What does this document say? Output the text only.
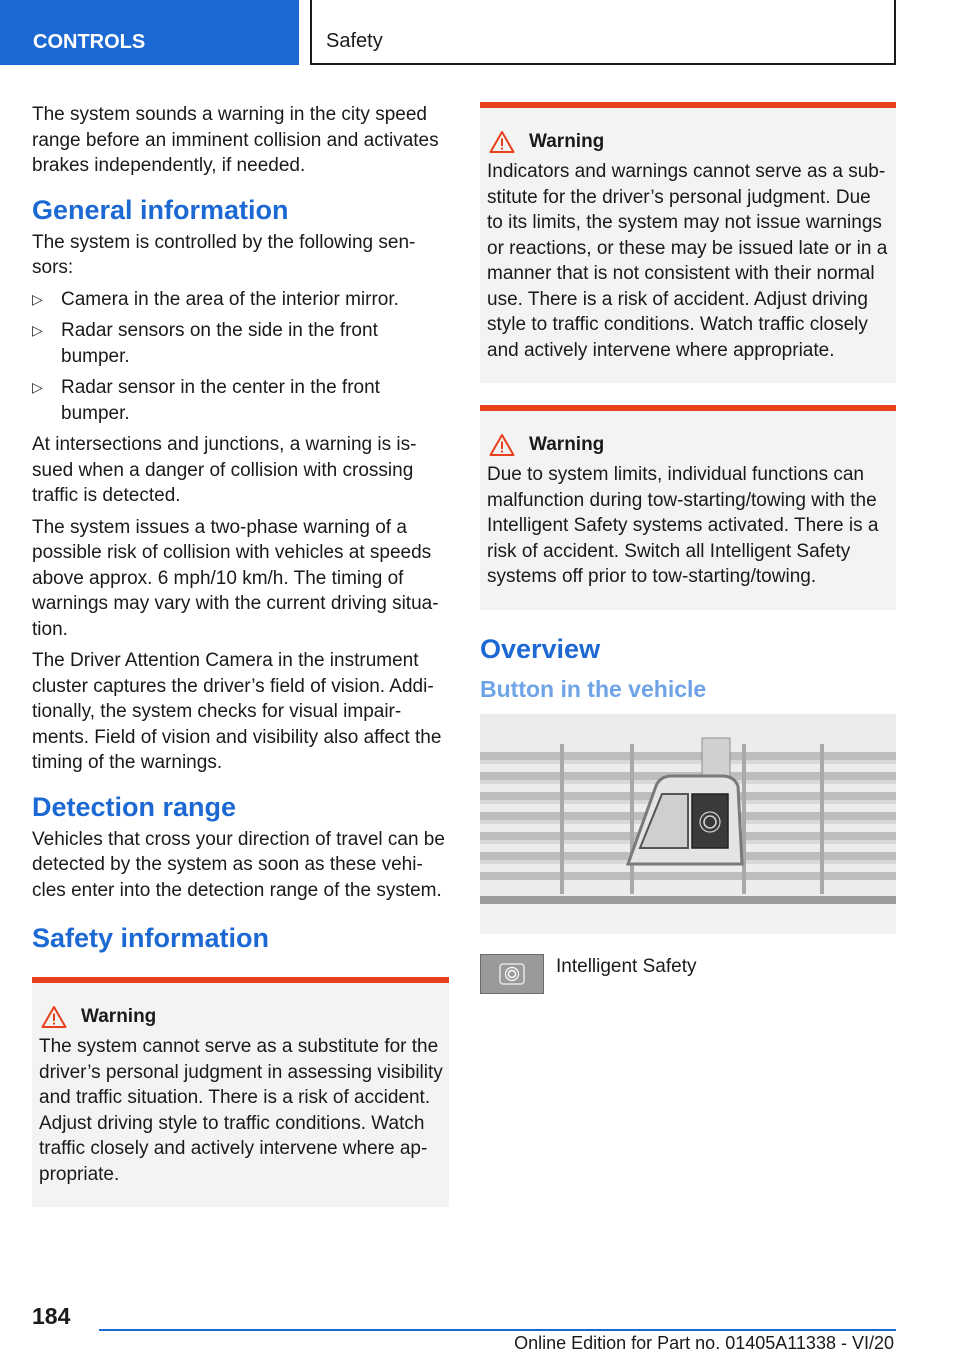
CONTROLS	Safety

The system sounds a warning in the city speed range before an imminent collision and activates brakes independently, if needed.

General information

The system is controlled by the following sen-sors:

▷ Camera in the area of the interior mirror.
▷ Radar sensors on the side in the front bumper.
▷ Radar sensor in the center in the front bumper.

At intersections and junctions, a warning is is-sued when a danger of collision with crossing traffic is detected.

The system issues a two-phase warning of a possible risk of collision with vehicles at speeds above approx. 6 mph/10 km/h. The timing of warnings may vary with the current driving situa-tion.

The Driver Attention Camera in the instrument cluster captures the driver’s field of vision. Addi-tionally, the system checks for visual impair-ments. Field of vision and visibility also affect the timing of the warnings.

Detection range

Vehicles that cross your direction of travel can be detected by the system as soon as these vehi-cles enter into the detection range of the system.

Safety information
Warning

The system cannot serve as a substitute for the driver’s personal judgment in assessing visibility and traffic situation. There is a risk of accident. Adjust driving style to traffic conditions. Watch traffic closely and actively intervene where ap-propriate.

Warning

Indicators and warnings cannot serve as a sub-stitute for the driver’s personal judgment. Due to its limits, the system may not issue warnings or reactions, or these may be issued late or in a manner that is not consistent with their normal use. There is a risk of accident. Adjust driving style to traffic conditions. Watch traffic closely and actively intervene where appropriate.

Warning

Due to system limits, individual functions can malfunction during tow-starting/towing with the Intelligent Safety systems activated. There is a risk of accident. Switch all Intelligent Safety systems off prior to tow-starting/towing.

Overview
Button in the vehicle
Intelligent Safety
184
Online Edition for Part no. 01405A11338 - VI/20
